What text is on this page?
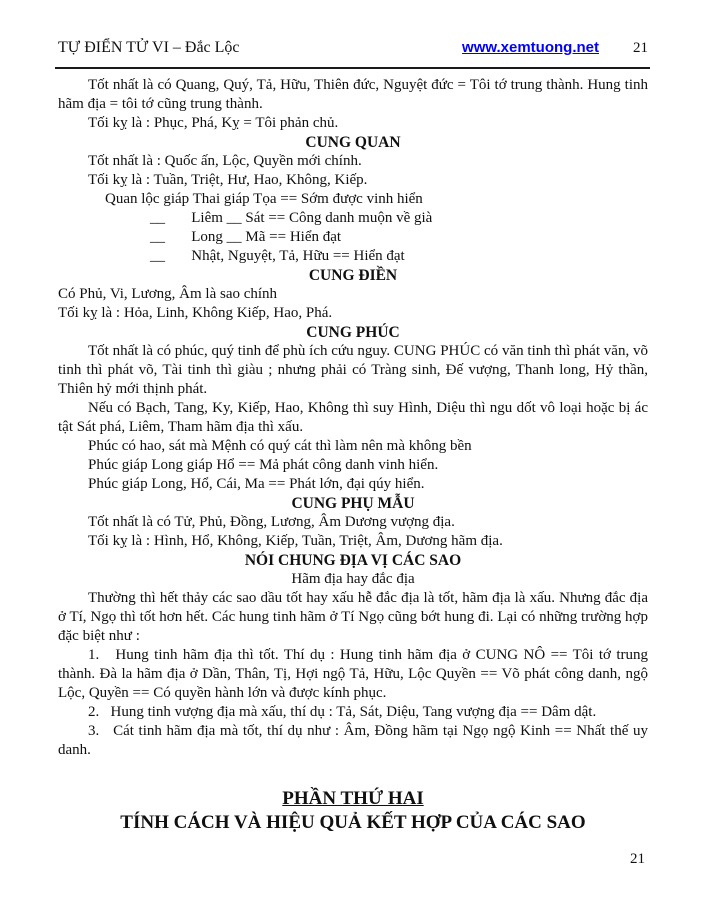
TỰ ĐIỂN TỬ VI – Đắc Lộc	www.xemtuong.net 21

Tốt nhất là có Quang, Quý, Tả, Hữu, Thiên đức, Nguyệt đức = Tôi tớ trung thành. Hung tinh hãm địa = tôi tớ cũng trung thành.

Tối kỵ là : Phục, Phá, Kỵ = Tôi phản chủ.

CUNG QUAN

Tốt nhất là : Quốc ấn, Lộc, Quyền mới chính.

Tối kỵ là : Tuần, Triệt, Hư, Hao, Không, Kiếp.

Quan lộc giáp Thai giáp Tọa == Sớm được vinh hiển

__       Liêm __ Sát == Công danh muộn về già

__       Long __ Mã == Hiển đạt

__       Nhật, Nguyệt, Tả, Hữu == Hiển đạt

CUNG ĐIỀN

Có Phủ, Vi, Lương, Âm là sao chính

Tối kỵ là : Hỏa, Linh, Không Kiếp, Hao, Phá.

CUNG PHÚC

Tốt nhất là có phúc, quý tinh để phù ích cứu nguy. CUNG PHÚC có văn tinh thì phát văn, võ tinh thì phát võ, Tài tinh thì giàu ; nhưng phải có Tràng sinh, Đế vượng, Thanh long, Hỷ thần, Thiên hỷ mới thịnh phát.

Nếu có Bạch, Tang, Ky, Kiếp, Hao, Không thì suy Hình, Diệu thì ngu dốt vô loại hoặc bị ác tật Sát phá, Liêm, Tham hãm địa thì xấu.

Phúc có hao, sát mà Mệnh có quý cát thì làm nên mà không bền

Phúc giáp Long giáp Hổ == Mả phát công danh vinh hiển.

Phúc giáp Long, Hổ, Cái, Ma == Phát lớn, đại qúy hiển.

CUNG PHỤ MẪU

Tốt nhất là có Tử, Phủ, Đồng, Lương, Âm Dương vượng địa.

Tối kỵ là : Hình, Hổ, Không, Kiếp, Tuần, Triệt, Âm, Dương hãm địa.

NÓI CHUNG ĐỊA VỊ CÁC SAO

Hãm địa hay đắc địa

Thường thì hết thảy các sao dầu tốt hay xấu hễ đắc địa là tốt, hãm địa là xấu. Nhưng đắc địa ở Tí, Ngọ thì tốt hơn hết. Các hung tinh hãm ở Tí Ngọ cũng bớt hung đi. Lại có những trường hợp đặc biệt như :

1.   Hung tinh hãm địa thì tốt. Thí dụ : Hung tinh hãm địa ở CUNG NÔ == Tôi tớ trung thành. Đà la hãm địa ở Dần, Thân, Tị, Hợi ngộ Tả, Hữu, Lộc Quyền == Võ phát công danh, ngộ Lộc, Quyền == Có quyền hành lớn và được kính phục.

2.   Hung tinh vượng địa mà xấu, thí dụ : Tả, Sát, Diệu, Tang vượng địa == Dâm dật.

3.   Cát tinh hãm địa mà tốt, thí dụ như : Âm, Đồng hãm tại Ngọ ngộ Kinh == Nhất thế uy danh.

PHẦN THỨ HAI

TÍNH CÁCH VÀ HIỆU QUẢ KẾT HỢP CỦA CÁC SAO

21
